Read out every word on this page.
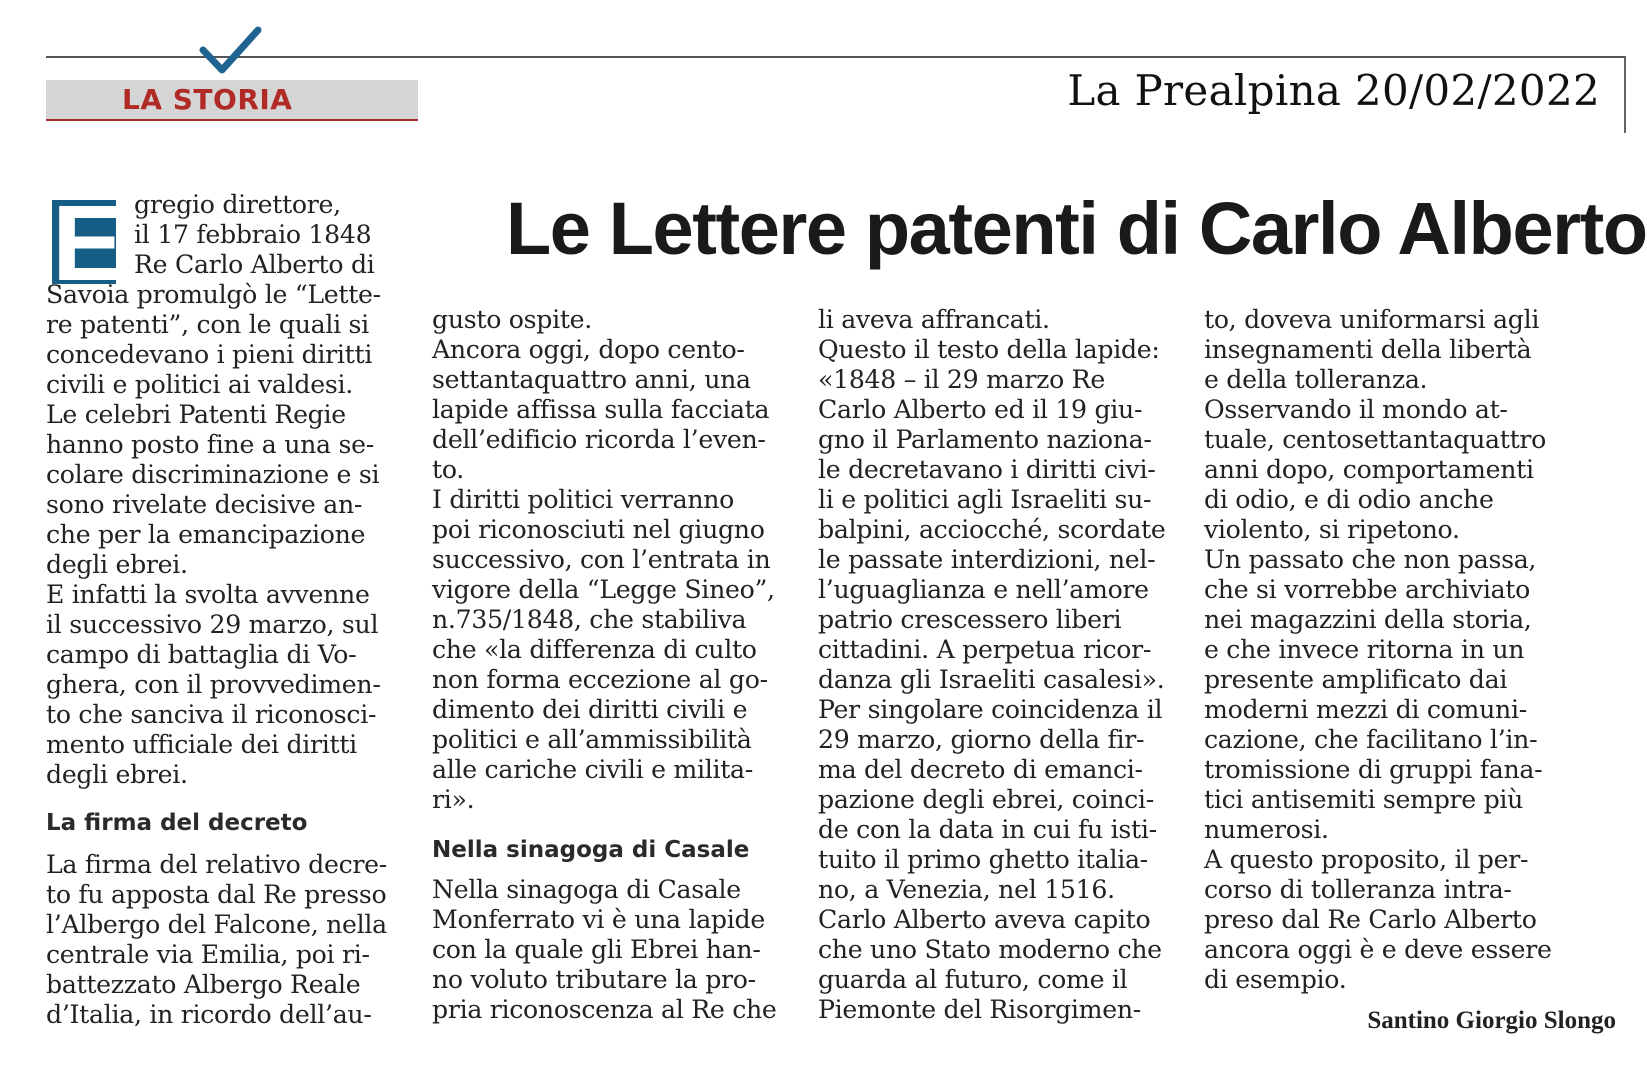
LA STORIA	La Prealpina 20/02/2022
Le Lettere patenti di Carlo Alberto
E gregio direttore,
il 17 febbraio 1848
Re Carlo Alberto di
Savoia promulgò le “Lette-
re patenti”, con le quali si
concedevano i pieni diritti
civili e politici ai valdesi.
Le celebri Patenti Regie
hanno posto fine a una se-
colare discriminazione e si
sono rivelate decisive an-
che per la emancipazione
degli ebrei.
E infatti la svolta avvenne
il successivo 29 marzo, sul
campo di battaglia di Vo-
ghera, con il provvedimen-
to che sanciva il riconosci-
mento ufficiale dei diritti
degli ebrei.
La firma del decreto
La firma del relativo decre-
to fu apposta dal Re presso
l’Albergo del Falcone, nella
centrale via Emilia, poi ri-
battezzato Albergo Reale
d’Italia, in ricordo dell’au-
gusto ospite.
Ancora oggi, dopo cento-
settantaquattro anni, una
lapide affissa sulla facciata
dell’edificio ricorda l’even-
to.
I diritti politici verranno
poi riconosciuti nel giugno
successivo, con l’entrata in
vigore della “Legge Sineo”,
n.735/1848, che stabiliva
che «la differenza di culto
non forma eccezione al go-
dimento dei diritti civili e
politici e all’ammissibilità
alle cariche civili e milita-
ri».
Nella sinagoga di Casale
Nella sinagoga di Casale
Monferrato vi è una lapide
con la quale gli Ebrei han-
no voluto tributare la pro-
pria riconoscenza al Re che
li aveva affrancati.
Questo il testo della lapide:
«1848 – il 29 marzo Re
Carlo Alberto ed il 19 giu-
gno il Parlamento naziona-
le decretavano i diritti civi-
li e politici agli Israeliti su-
balpini, acciocché, scordate
le passate interdizioni, nel-
l’uguaglianza e nell’amore
patrio crescessero liberi
cittadini. A perpetua ricor-
danza gli Israeliti casalesi».
Per singolare coincidenza il
29 marzo, giorno della fir-
ma del decreto di emanci-
pazione degli ebrei, coinci-
de con la data in cui fu isti-
tuito il primo ghetto italia-
no, a Venezia, nel 1516.
Carlo Alberto aveva capito
che uno Stato moderno che
guarda al futuro, come il
Piemonte del Risorgimen-
to, doveva uniformarsi agli
insegnamenti della libertà
e della tolleranza.
Osservando il mondo at-
tuale, centosettantaquattro
anni dopo, comportamenti
di odio, e di odio anche
violento, si ripetono.
Un passato che non passa,
che si vorrebbe archiviato
nei magazzini della storia,
e che invece ritorna in un
presente amplificato dai
moderni mezzi di comuni-
cazione, che facilitano l’in-
tromissione di gruppi fana-
tici antisemiti sempre più
numerosi.
A questo proposito, il per-
corso di tolleranza intra-
preso dal Re Carlo Alberto
ancora oggi è e deve essere
di esempio.
Santino Giorgio Slongo
